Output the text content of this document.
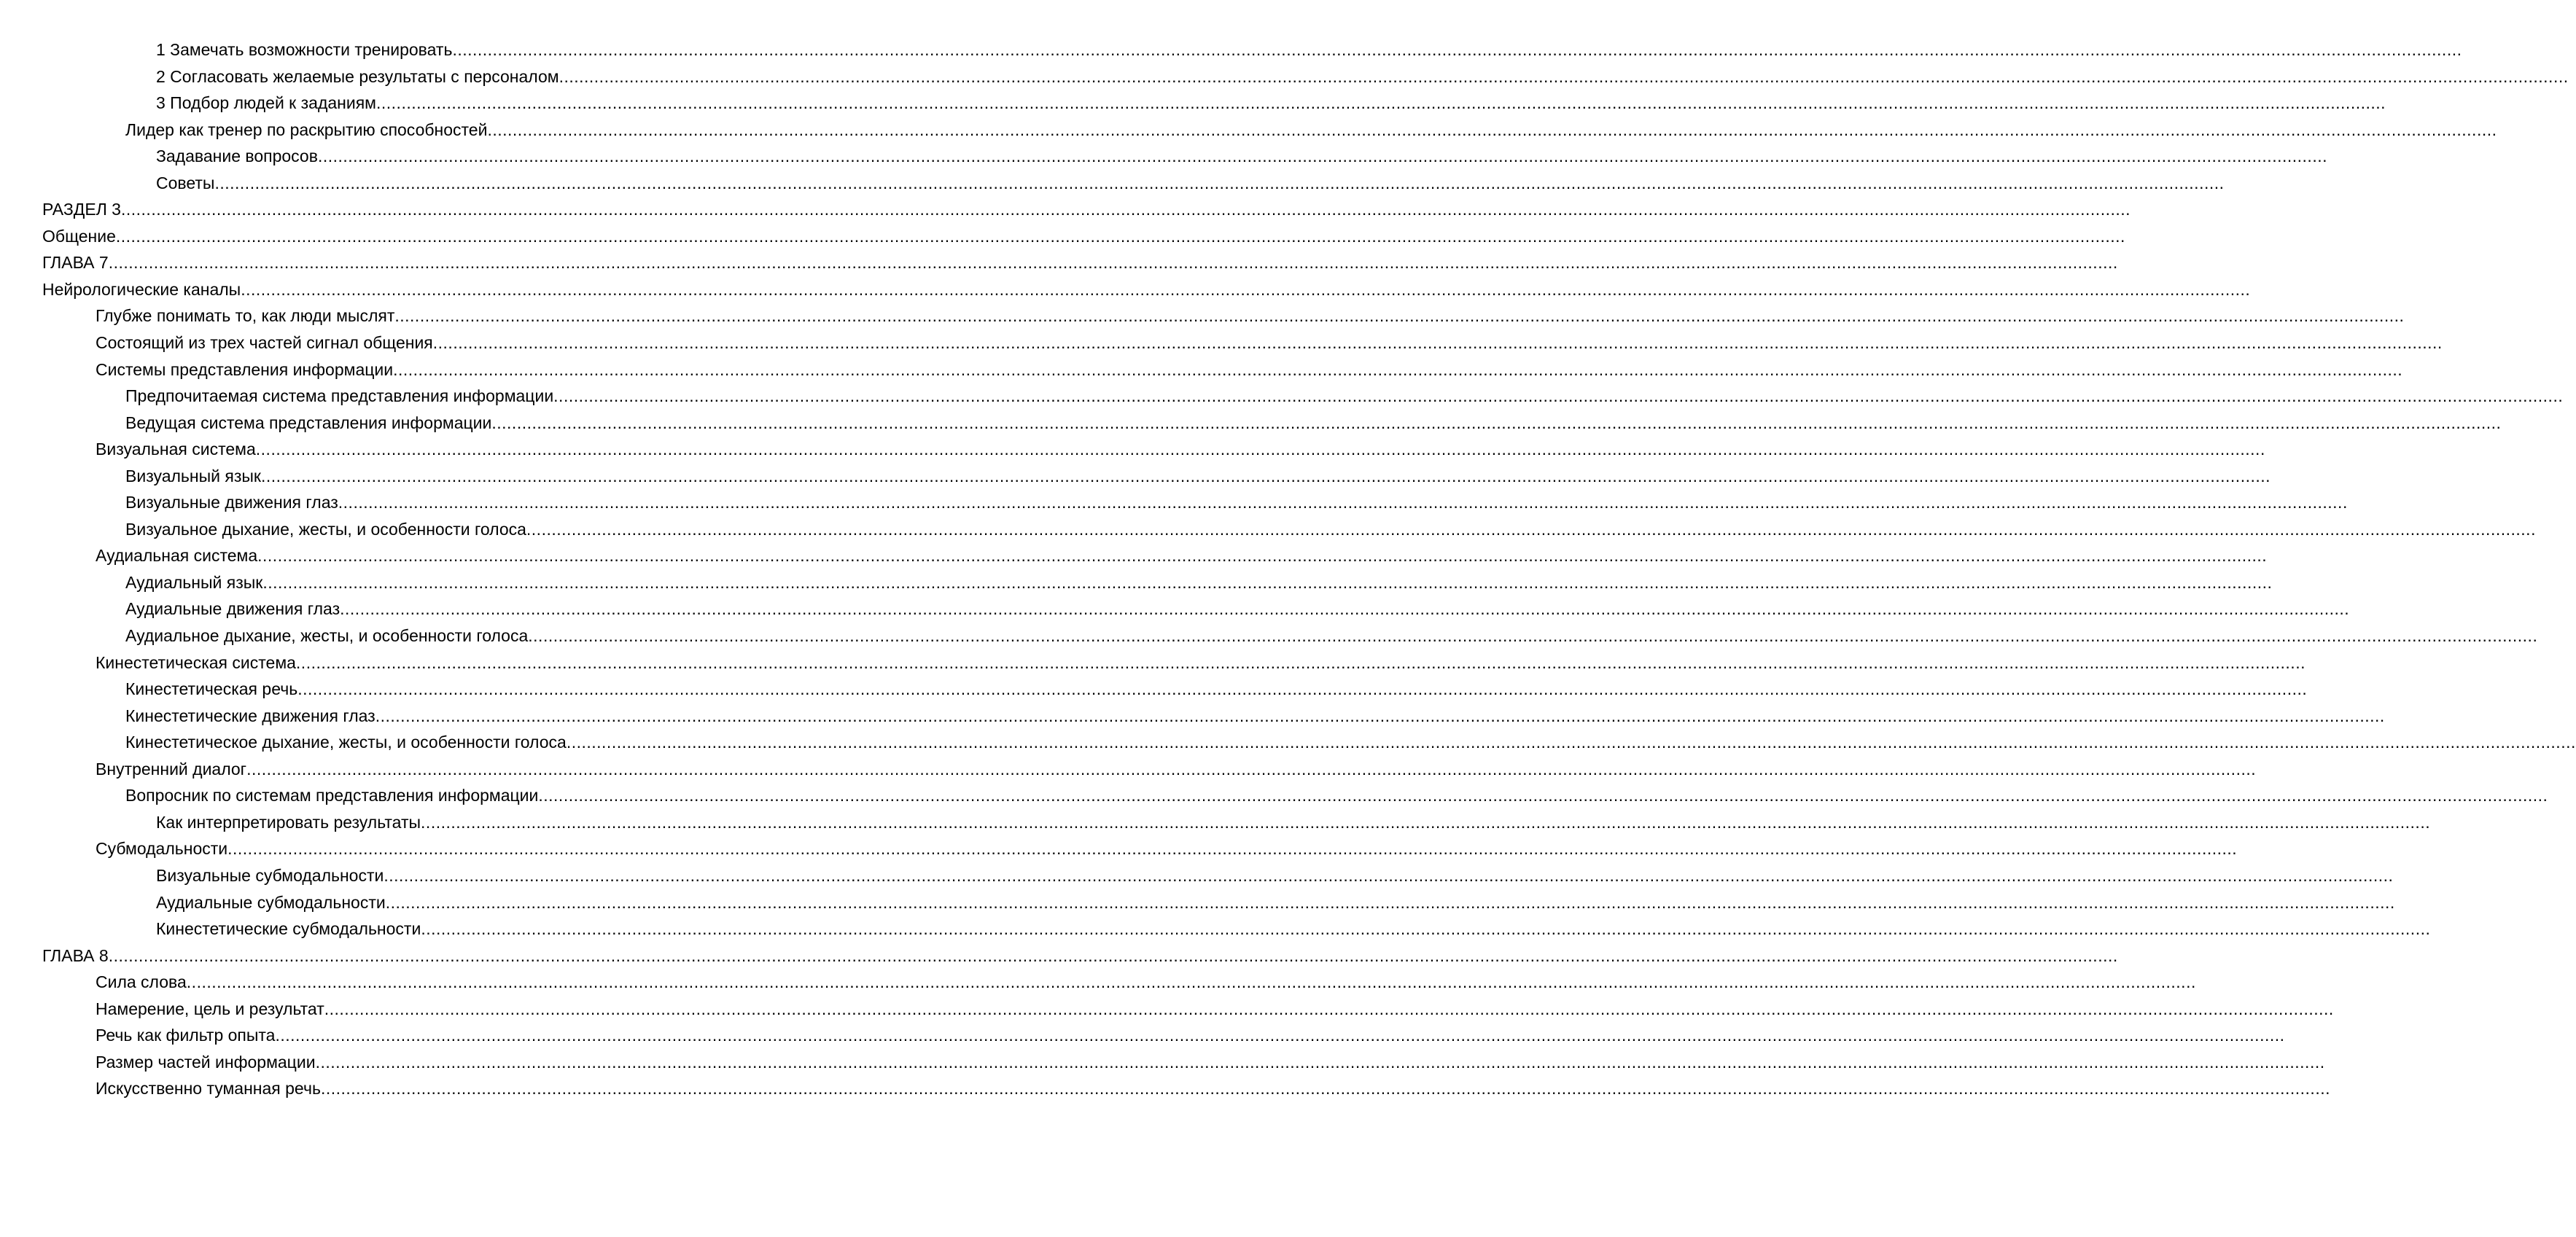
1 Замечать возможности тренировать ................................................................................................................................................................................................................................................................................................................................................................................................................
2 Согласовать желаемые результаты с персоналом ................................................................................................................................................................................................................................................................................................................................................................................................................
3 Подбор людей к заданиям ................................................................................................................................................................................................................................................................................................................................................................................................................
Лидер как тренер по раскрытию способностей ................................................................................................................................................................................................................................................................................................................................................................................................................
Задавание вопросов ................................................................................................................................................................................................................................................................................................................................................................................................................
Советы ................................................................................................................................................................................................................................................................................................................................................................................................................
РАЗДЕЛ 3 ................................................................................................................................................................................................................................................................................................................................................................................................................
Общение ................................................................................................................................................................................................................................................................................................................................................................................................................
ГЛАВА 7 ................................................................................................................................................................................................................................................................................................................................................................................................................
Нейрологические каналы ................................................................................................................................................................................................................................................................................................................................................................................................................
Глубже понимать то, как люди мыслят ................................................................................................................................................................................................................................................................................................................................................................................................................
Состоящий из трех частей сигнал общения ................................................................................................................................................................................................................................................................................................................................................................................................................
Системы представления информации ................................................................................................................................................................................................................................................................................................................................................................................................................
Предпочитаемая система представления информации ................................................................................................................................................................................................................................................................................................................................................................................................................
Ведущая система представления информации ................................................................................................................................................................................................................................................................................................................................................................................................................
Визуальная система ................................................................................................................................................................................................................................................................................................................................................................................................................
Визуальный язык ................................................................................................................................................................................................................................................................................................................................................................................................................
Визуальные движения глаз ................................................................................................................................................................................................................................................................................................................................................................................................................
Визуальное дыхание, жесты, и особенности голоса ................................................................................................................................................................................................................................................................................................................................................................................................................
Аудиальная система ................................................................................................................................................................................................................................................................................................................................................................................................................
Аудиальный язык ................................................................................................................................................................................................................................................................................................................................................................................................................
Аудиальные движения глаз ................................................................................................................................................................................................................................................................................................................................................................................................................
Аудиальное дыхание, жесты, и особенности голоса ................................................................................................................................................................................................................................................................................................................................................................................................................
Кинестетическая система ................................................................................................................................................................................................................................................................................................................................................................................................................
Кинестетическая речь ................................................................................................................................................................................................................................................................................................................................................................................................................
Кинестетические движения глаз ................................................................................................................................................................................................................................................................................................................................................................................................................
Кинестетическое дыхание, жесты, и особенности голоса ................................................................................................................................................................................................................................................................................................................................................................................................................
Внутренний диалог ................................................................................................................................................................................................................................................................................................................................................................................................................
Вопросник по системам представления информации ................................................................................................................................................................................................................................................................................................................................................................................................................
Как интерпретировать результаты ................................................................................................................................................................................................................................................................................................................................................................................................................
Субмодальности ................................................................................................................................................................................................................................................................................................................................................................................................................
Визуальные субмодальности ................................................................................................................................................................................................................................................................................................................................................................................................................
Аудиальные субмодальности ................................................................................................................................................................................................................................................................................................................................................................................................................
Кинестетические субмодальности ................................................................................................................................................................................................................................................................................................................................................................................................................
ГЛАВА 8 ................................................................................................................................................................................................................................................................................................................................................................................................................
Сила слова ................................................................................................................................................................................................................................................................................................................................................................................................................
Намерение, цель и результат ................................................................................................................................................................................................................................................................................................................................................................................................................
Речь как фильтр опыта ................................................................................................................................................................................................................................................................................................................................................................................................................
Размер частей информации ................................................................................................................................................................................................................................................................................................................................................................................................................
Искусственно туманная речь ................................................................................................................................................................................................................................................................................................................................................................................................................
